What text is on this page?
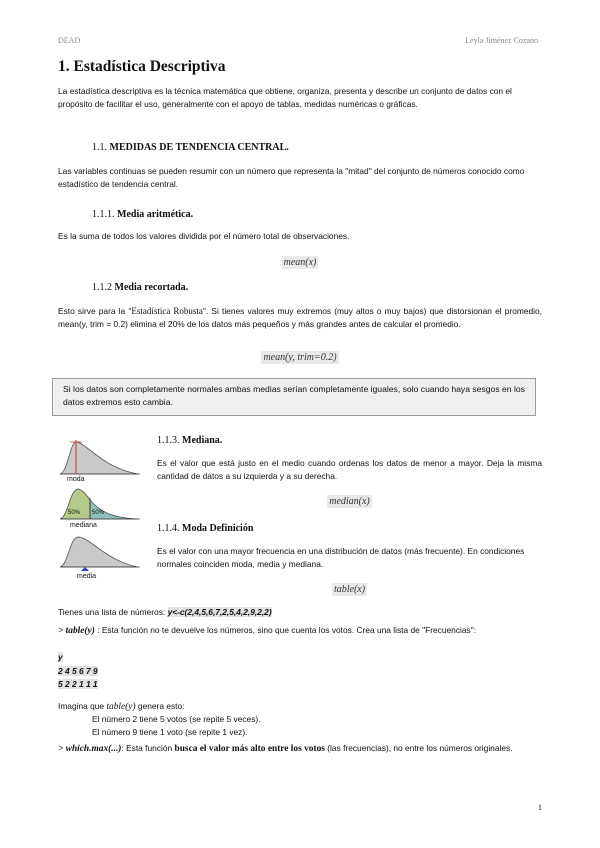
DEAD	Leyla Jiménez Cozano
1. Estadística Descriptiva
La estadística descriptiva es la técnica matemática que obtiene, organiza, presenta y describe un conjunto de datos con el propósito de facilitar el uso, generalmente con el apoyo de tablas, medidas numéricas o gráficas.
1.1. MEDIDAS DE TENDENCIA CENTRAL.
Las variables continuas se pueden resumir con un número que representa la "mitad" del conjunto de números conocido como estadístico de tendencia central.
1.1.1. Media aritmética.
Es la suma de todos los valores dividida por el número total de observaciones.
mean(x)
1.1.2 Media recortada.
Esto sirve para la "Estadística Robusta". Si tienes valores muy extremos (muy altos o muy bajos) que distorsionan el promedio, mean(y, trim = 0.2) elimina el 20% de los datos más pequeños y más grandes antes de calcular el promedio.
mean(y, trim=0.2)
Si los datos son completamente normales ambas medias serían completamente iguales, solo cuando haya sesgos en los datos extremos esto cambia.
moda
50% 50%
mediana
media
1.1.3. Mediana.
Es el valor que está justo en el medio cuando ordenas los datos de menor a mayor. Deja la misma cantidad de datos a su izquierda y a su derecha.
median(x)
1.1.4. Moda Definición
Es el valor con una mayor frecuencia en una distribución de datos (más frecuente). En condiciones normales coinciden moda, media y mediana.
table(x)
Tienes una lista de números: y<-c(2,4,5,6,7,2,5,4,2,9,2,2)
> table(y) : Esta función no te devuelve los números, sino que cuenta los votos. Crea una lista de "Frecuencias":
y
2 4 5 6 7 9
5 2 2 1 1 1
Imagina que table(y) genera esto:
El número 2 tiene 5 votos (se repite 5 veces).
El número 9 tiene 1 voto (se repite 1 vez).
> which.max(...): Esta función busca el valor más alto entre los votos (las frecuencias), no entre los números originales.
1
